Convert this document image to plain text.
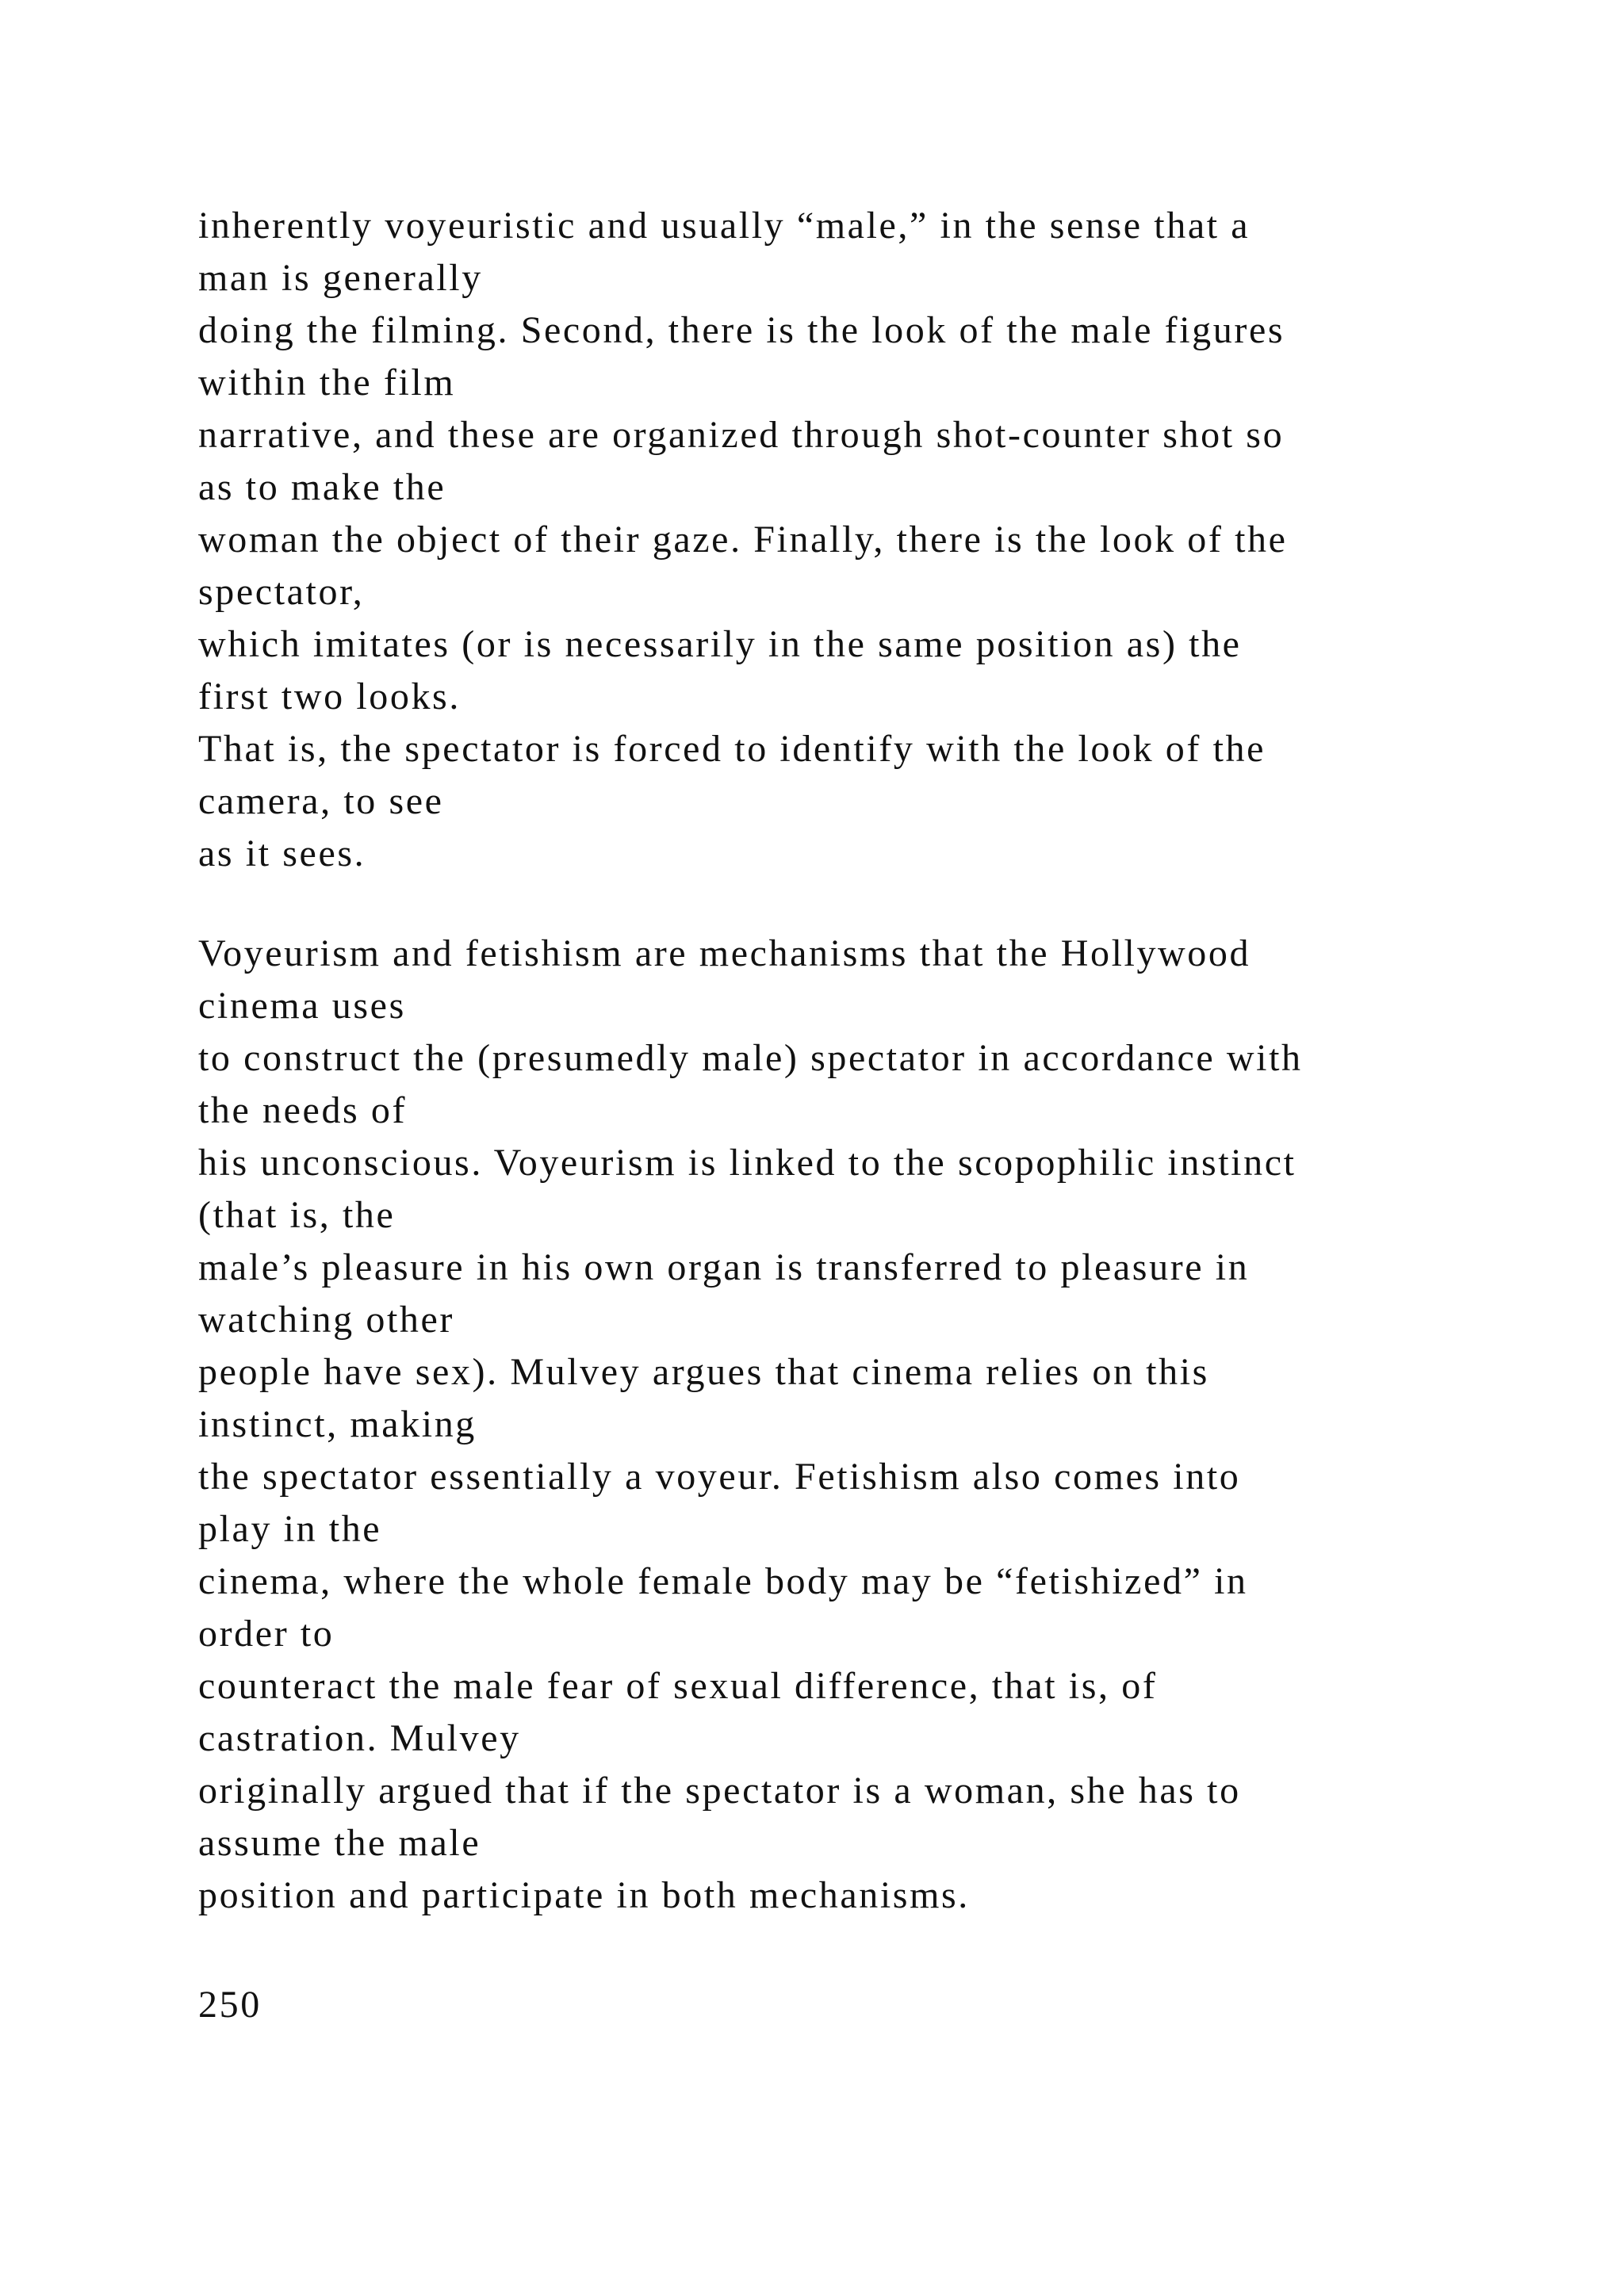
inherently voyeuristic and usually “male,” in the sense that a
man is generally
doing the filming. Second, there is the look of the male figures
within the film
narrative, and these are organized through shot-counter shot so
as to make the
woman the object of their gaze. Finally, there is the look of the
spectator,
which imitates (or is necessarily in the same position as) the
first two looks.
That is, the spectator is forced to identify with the look of the
camera, to see
as it sees.
Voyeurism and fetishism are mechanisms that the Hollywood
cinema uses
to construct the (presumedly male) spectator in accordance with
the needs of
his unconscious. Voyeurism is linked to the scopophilic instinct
(that is, the
male’s pleasure in his own organ is transferred to pleasure in
watching other
people have sex). Mulvey argues that cinema relies on this
instinct, making
the spectator essentially a voyeur. Fetishism also comes into
play in the
cinema, where the whole female body may be “fetishized” in
order to
counteract the male fear of sexual difference, that is, of
castration. Mulvey
originally argued that if the spectator is a woman, she has to
assume the male
position and participate in both mechanisms.
250
